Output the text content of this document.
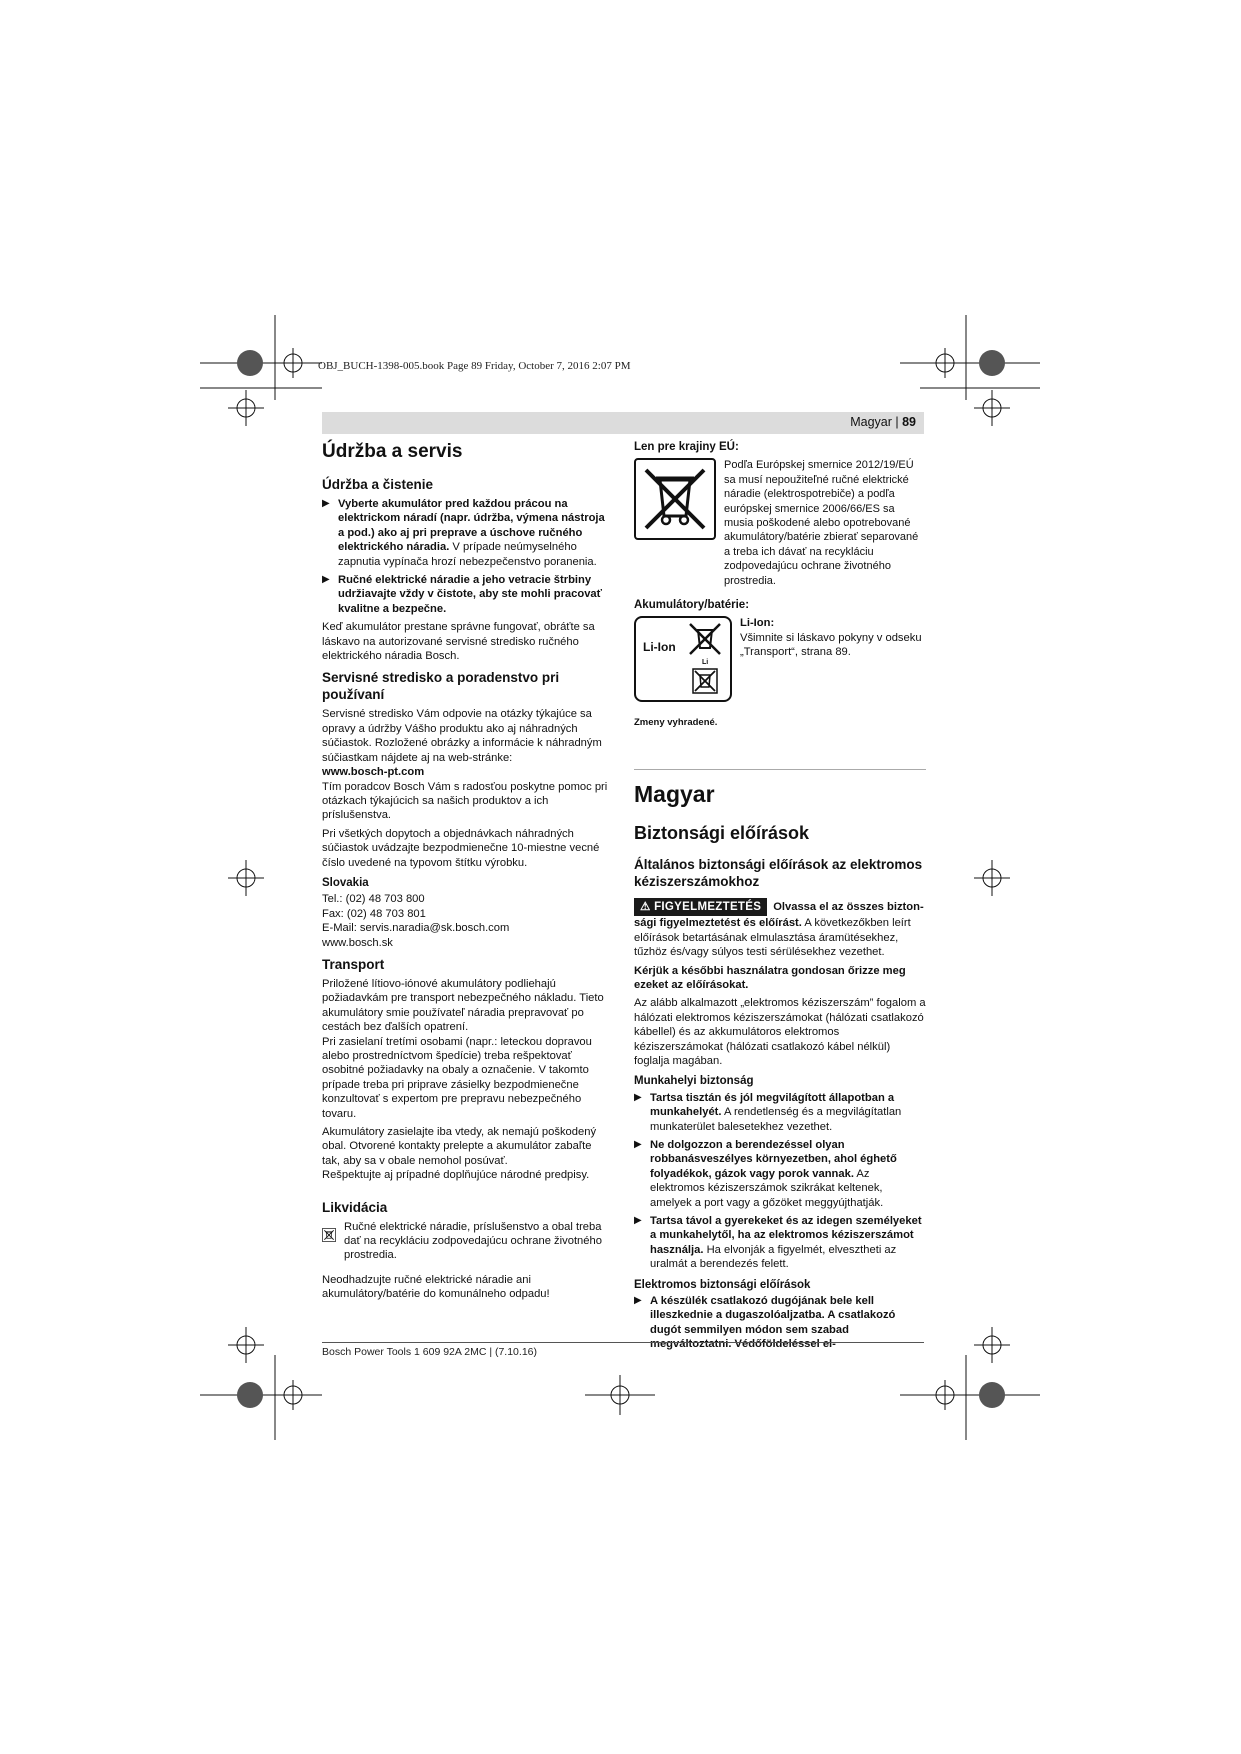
OBJ_BUCH-1398-005.book Page 89 Friday, October 7, 2016 2:07 PM
Magyar | 89
Údržba a servis
Údržba a čistenie
▶ Vyberte akumulátor pred každou prácou na elektrickom náradí (napr. údržba, výmena nástroja a pod.) ako aj pri preprave a úschove ručného elektrického náradia. V prípade neúmyselného zapnutia vypínača hrozí nebezpečenstvo poranenia.
▶ Ručné elektrické náradie a jeho vetracie štrbiny udržiavajte vždy v čistote, aby ste mohli pracovať kvalitne a bezpečne.

Keď akumulátor prestane správne fungovať, obráťte sa láskavo na autorizované servisné stredisko ručného elektrického náradia Bosch.

Servisné stredisko a poradenstvo pri používaní

Servisné stredisko Vám odpovie na otázky týkajúce sa opravy a údržby Vášho produktu ako aj náhradných súčiastok. Rozložené obrázky a informácie k náhradným súčiastkam nájdete aj na web-stránke:

www.bosch-pt.com

Tím poradcov Bosch Vám s radosťou poskytne pomoc pri otázkach týkajúcich sa našich produktov a ich príslušenstva.

Pri všetkých dopytoch a objednávkach náhradných súčiastok uvádzajte bezpodmienečne 10-miestne vecné číslo uvedené na typovom štítku výrobku.

Slovakia

Tel.: (02) 48 703 800

Fax: (02) 48 703 801

E-Mail: servis.naradia@sk.bosch.com

www.bosch.sk

Transport

Priložené lítiovo-iónové akumulátory podliehajú požiadavkám pre transport nebezpečného nákladu. Tieto akumulátory smie používateľ náradia prepravovať po cestách bez ďalších opatrení.

Pri zasielaní tretími osobami (napr.: leteckou dopravou alebo prostredníctvom špedície) treba rešpektovať osobitné požiadavky na obaly a označenie. V takomto prípade treba pri priprave zásielky bezpodmienečne konzultovať s expertom pre prepravu nebezpečného tovaru.

Akumulátory zasielajte iba vtedy, ak nemajú poškodený obal. Otvorené kontakty prelepte a akumulátor zabaľte tak, aby sa v obale nemohol posúvať.

Rešpektujte aj prípadné doplňujúce národné predpisy.

Likvidácia

Ručné elektrické náradie, príslušenstvo a obal treba dať na recykláciu zodpovedajúcu ochrane životného prostredia.

Neodhadzujte ručné elektrické náradie ani akumulátory/batérie do komunálneho odpadu!

Len pre krajiny EÚ:

Podľa Európskej smernice 2012/19/EÚ sa musí nepoužiteľné ručné elektrické náradie (elektrospotrebiče) a podľa európskej smernice 2006/66/ES sa musia poškodené alebo opotrebované akumulátory/batérie zbierať separované a treba ich dávať na recykláciu zodpovedajúcu ochrane životného prostredia.

Akumulátory/batérie:
Li-Ion
Li
Li-Ion:

Všimnite si láskavo pokyny v odseku „Transport“, strana 89.

Zmeny vyhradené.

Magyar
Biztonsági előírások
Általános biztonsági előírások az elektromos kéziszerszámokhoz

⚠ FIGYELMEZTETÉS Olvassa el az összes biztonsági figyelmeztetést és előírást. A következőkben leírt előírások betartásának elmulasztása áramütésekhez, tűzhöz és/vagy súlyos testi sérülésekhez vezethet.

Kérjük a későbbi használatra gondosan őrizze meg ezeket az előírásokat.

Az alább alkalmazott „elektromos kéziszerszám” fogalom a hálózati elektromos kéziszerszámokat (hálózati csatlakozó kábellel) és az akkumulátoros elektromos kéziszerszámokat (hálózati csatlakozó kábel nélkül) foglalja magában.

Munkahelyi biztonság
▶ Tartsa tisztán és jól megvilágított állapotban a munkahelyét. A rendetlenség és a megvilágítatlan munkaterület balesetekhez vezethet.
▶ Ne dolgozzon a berendezéssel olyan robbanásveszélyes környezetben, ahol éghető folyadékok, gázok vagy porok vannak. Az elektromos kéziszerszámok szikrákat keltenek, amelyek a port vagy a gőzöket meggyújthatják.
▶ Tartsa távol a gyerekeket és az idegen személyeket a munkahelytől, ha az elektromos kéziszerszámot használja. Ha elvonják a figyelmét, elvesztheti az uralmát a berendezés felett.
Elektromos biztonsági előírások
▶ A készülék csatlakozó dugójának bele kell illeszkednie a dugaszolóaljzatba. A csatlakozó dugót semmilyen módon sem szabad megváltoztatni. Védőföldeléssel el-
Bosch Power Tools 1 609 92A 2MC | (7.10.16)
